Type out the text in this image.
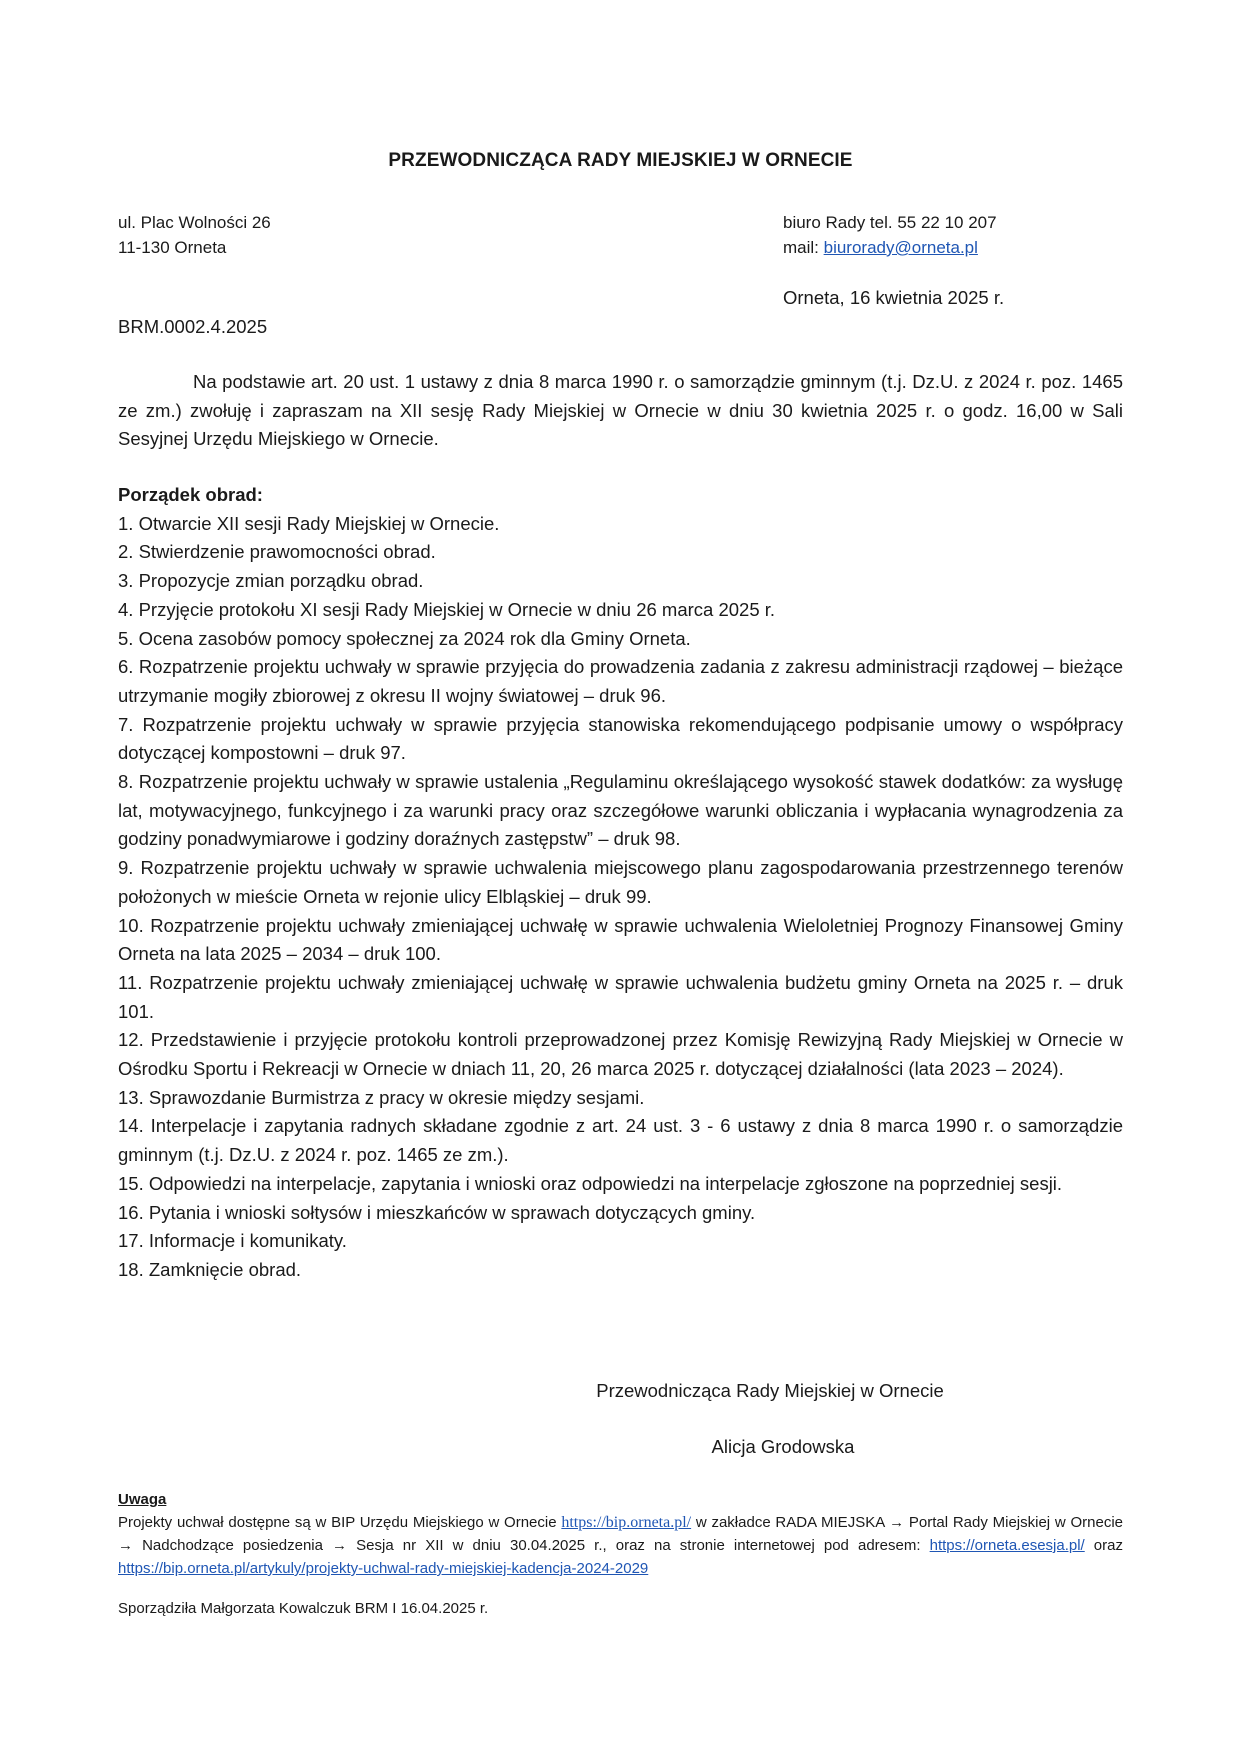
PRZEWODNICZĄCA RADY MIEJSKIEJ W ORNECIE
ul. Plac Wolności 26
11-130 Orneta
biuro Rady tel. 55 22 10 207
mail: biurorady@orneta.pl
Orneta, 16 kwietnia 2025 r.
BRM.0002.4.2025

Na podstawie art. 20 ust. 1 ustawy z dnia 8 marca 1990 r. o samorządzie gminnym (t.j. Dz.U. z 2024 r. poz. 1465 ze zm.) zwołuję i zapraszam na XII sesję Rady Miejskiej w Ornecie w dniu 30 kwietnia 2025 r. o godz. 16,00 w Sali Sesyjnej Urzędu Miejskiego w Ornecie.

Porządek obrad:
1. Otwarcie XII sesji Rady Miejskiej w Ornecie.
2. Stwierdzenie prawomocności obrad.
3. Propozycje zmian porządku obrad.
4. Przyjęcie protokołu XI sesji Rady Miejskiej w Ornecie w dniu 26 marca 2025 r.
5. Ocena zasobów pomocy społecznej za 2024 rok dla Gminy Orneta.
6. Rozpatrzenie projektu uchwały w sprawie przyjęcia do prowadzenia zadania z zakresu administracji rządowej – bieżące utrzymanie mogiły zbiorowej z okresu II wojny światowej – druk 96.
7. Rozpatrzenie projektu uchwały w sprawie przyjęcia stanowiska rekomendującego podpisanie umowy o współpracy dotyczącej kompostowni – druk 97.
8. Rozpatrzenie projektu uchwały w sprawie ustalenia „Regulaminu określającego wysokość stawek dodatków: za wysługę lat, motywacyjnego, funkcyjnego i za warunki pracy oraz szczegółowe warunki obliczania i wypłacania wynagrodzenia za godziny ponadwymiarowe i godziny doraźnych zastępstw” – druk 98.
9. Rozpatrzenie projektu uchwały w sprawie uchwalenia miejscowego planu zagospodarowania przestrzennego terenów położonych w mieście Orneta w rejonie ulicy Elbląskiej – druk 99.
10. Rozpatrzenie projektu uchwały zmieniającej uchwałę w sprawie uchwalenia Wieloletniej Prognozy Finansowej Gminy Orneta na lata 2025 – 2034 – druk 100.
11. Rozpatrzenie projektu uchwały zmieniającej uchwałę w sprawie uchwalenia budżetu gminy Orneta na 2025 r. – druk 101.
12. Przedstawienie i przyjęcie protokołu kontroli przeprowadzonej przez Komisję Rewizyjną Rady Miejskiej w Ornecie w Ośrodku Sportu i Rekreacji w Ornecie w dniach 11, 20, 26 marca 2025 r. dotyczącej działalności (lata 2023 – 2024).
13. Sprawozdanie Burmistrza z pracy w okresie między sesjami.
14. Interpelacje i zapytania radnych składane zgodnie z art. 24 ust. 3 - 6 ustawy z dnia 8 marca 1990 r. o samorządzie gminnym (t.j. Dz.U. z 2024 r. poz. 1465 ze zm.).
15. Odpowiedzi na interpelacje, zapytania i wnioski oraz odpowiedzi na interpelacje zgłoszone na poprzedniej sesji.
16. Pytania i wnioski sołtysów i mieszkańców w sprawach dotyczących gminy.
17. Informacje i komunikaty.
18. Zamknięcie obrad.
Przewodnicząca Rady Miejskiej w Ornecie
Alicja Grodowska
Uwaga
Projekty uchwał dostępne są w BIP Urzędu Miejskiego w Ornecie https://bip.orneta.pl/ w zakładce RADA MIEJSKA → Portal Rady Miejskiej w Ornecie → Nadchodzące posiedzenia → Sesja nr XII w dniu 30.04.2025 r., oraz na stronie internetowej pod adresem: https://orneta.esesja.pl/ oraz https://bip.orneta.pl/artykuly/projekty-uchwal-rady-miejskiej-kadencja-2024-2029
Sporządziła Małgorzata Kowalczuk BRM I 16.04.2025 r.
